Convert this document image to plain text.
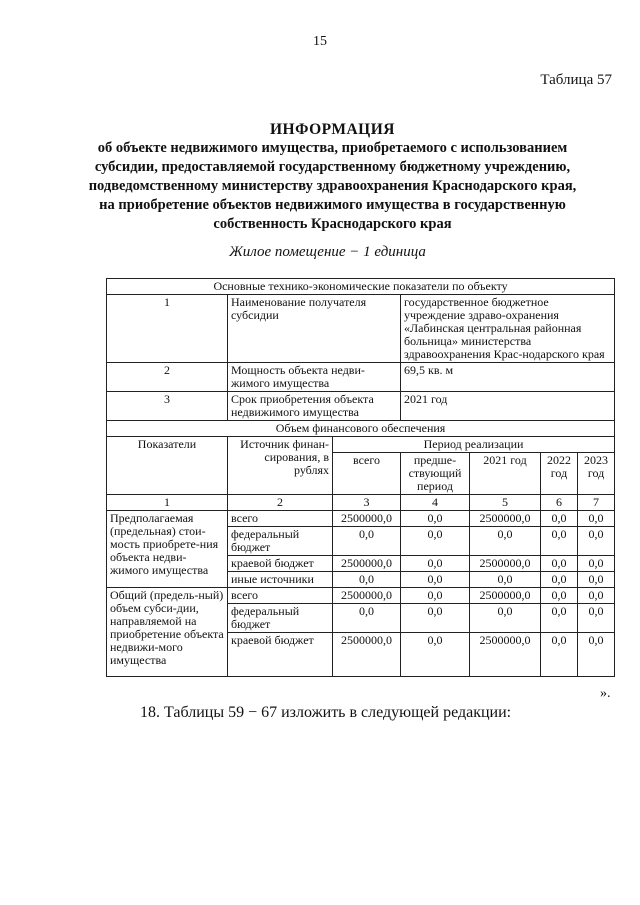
15
Таблица 57
ИНФОРМАЦИЯ
об объекте недвижимого имущества, приобретаемого с использованием
субсидии, предоставляемой государственному бюджетному учреждению,
подведомственному министерству здравоохранения Краснодарского края,
на приобретение объектов недвижимого имущества в государственную
собственность Краснодарского края
Жилое помещение − 1 единица
Основные технико-экономические показатели по объекту						
1	Наименование получателя субсидии		государственное бюджетное учреждение здраво-охранения «Лабинская центральная районная больница» министерства здравоохранения Крас-нодарского края			
2	Мощность объекта недви-жимого имущества		69,5 кв. м			
3	Срок приобретения объекта недвижимого имущества		2021 год			
Объем финансового обеспечения						
Показатели	Источник финан-сирования, в рублях	Период реализации				
		всего	предше-ствующий период	2021 год	2022 год	2023 год
1	2	3	4	5	6	7
Предполагаемая (предельная) стои-мость приобрете-ния объекта недви-жимого имущества	всего	2500000,0	0,0	2500000,0	0,0	0,0
	федеральный бюджет	0,0	0,0	0,0	0,0	0,0
	краевой бюджет	2500000,0	0,0	2500000,0	0,0	0,0
	иные источники	0,0	0,0	0,0	0,0	0,0
Общий (предель-ный) объем субси-дии, направляемой на приобретение объекта недвижи-мого имущества	всего	2500000,0	0,0	2500000,0	0,0	0,0
	федеральный бюджет	0,0	0,0	0,0	0,0	0,0
	краевой бюджет	2500000,0	0,0	2500000,0	0,0	0,0
».
18. Таблицы 59 − 67 изложить в следующей редакции:
